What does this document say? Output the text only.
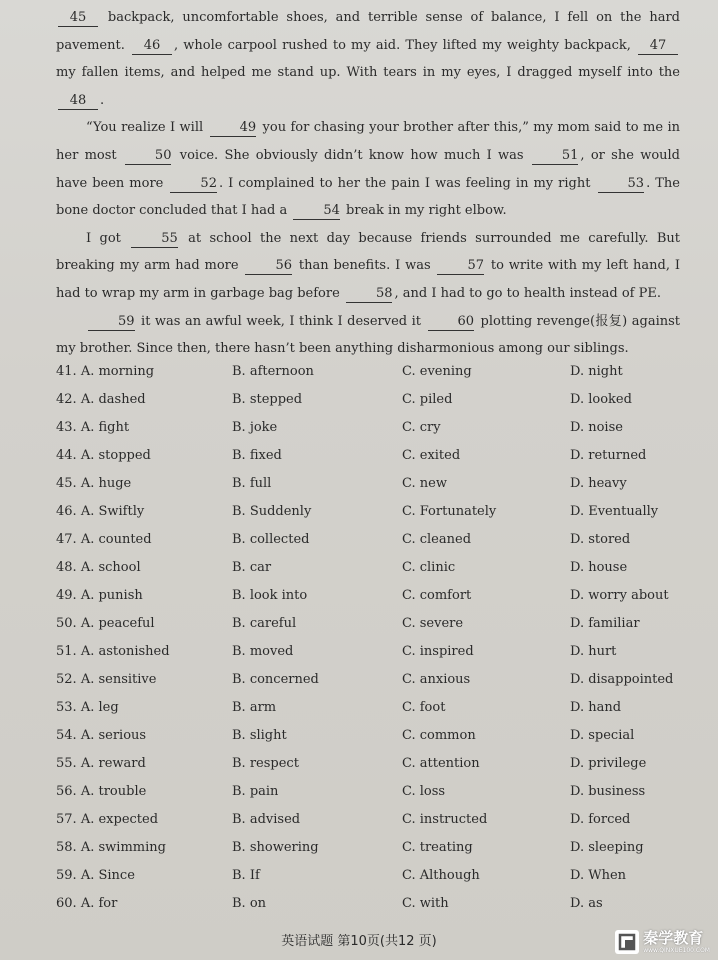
45 backpack, uncomfortable shoes, and terrible sense of balance, I fell on the hard pavement. 46 , whole carpool rushed to my aid. They lifted my weighty backpack, 47 my fallen items, and helped me stand up. With tears in my eyes, I dragged myself into the 48 .

“You realize I will	49 you for chasing your brother after this,” my mom said to me in her most	50 voice. She obviously didn’t know how much I was	51 , or she would have been more	52 . I complained to her the pain I was feeling in my right	53 . The bone doctor concluded that I had a	54 break in my right elbow.

I got	55 at school the next day because friends surrounded me carefully. But breaking my arm had more	56 than benefits. I was	57 to write with my left hand, I had to wrap my arm in garbage bag before	58 , and I had to go to health instead of PE.

59 it was an awful week, I think I deserved it	60 plotting revenge(报复) against my brother. Since then, there hasn’t been anything disharmonious among our siblings.

41. A. morning	B. afternoon	C. evening	D. night
42. A. dashed	B. stepped	C. piled	D. looked
43. A. fight	B. joke	C. cry	D. noise
44. A. stopped	B. fixed	C. exited	D. returned
45. A. huge	B. full	C. new	D. heavy
46. A. Swiftly	B. Suddenly	C. Fortunately	D. Eventually
47. A. counted	B. collected	C. cleaned	D. stored
48. A. school	B. car	C. clinic	D. house
49. A. punish	B. look into	C. comfort	D. worry about
50. A. peaceful	B. careful	C. severe	D. familiar
51. A. astonished	B. moved	C. inspired	D. hurt
52. A. sensitive	B. concerned	C. anxious	D. disappointed
53. A. leg	B. arm	C. foot	D. hand
54. A. serious	B. slight	C. common	D. special
55. A. reward	B. respect	C. attention	D. privilege
56. A. trouble	B. pain	C. loss	D. business
57. A. expected	B. advised	C. instructed	D. forced
58. A. swimming	B. showering	C. treating	D. sleeping
59. A. Since	B. If	C. Although	D. When
60. A. for	B. on	C. with	D. as
英语试题 第10页(共12 页)	秦学教育
www.QINXUE100.COM
